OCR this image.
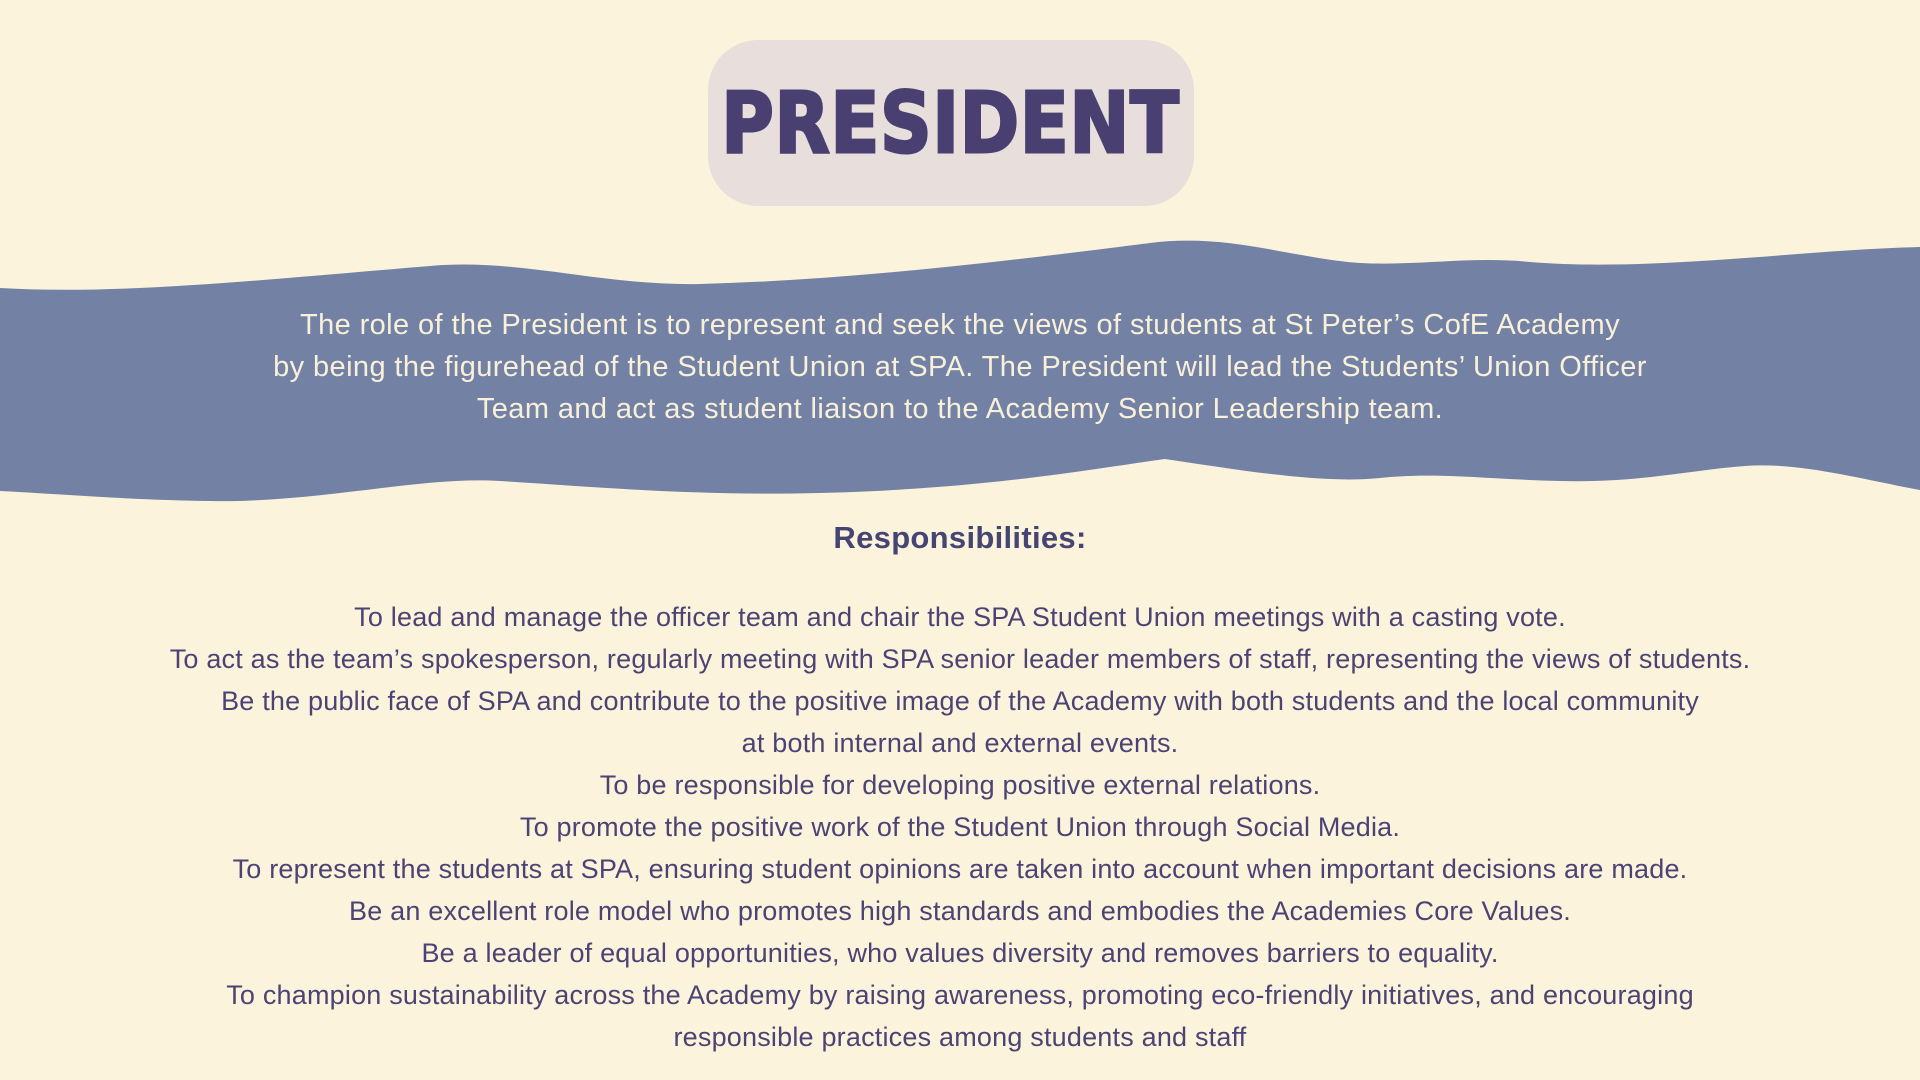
PRESIDENT
The role of the President is to represent and seek the views of students at St Peter’s CofE Academy
by being the figurehead of the Student Union at SPA. The President will lead the Students’ Union Officer
Team and act as student liaison to the Academy Senior Leadership team.
Responsibilities:
To lead and manage the officer team and chair the SPA Student Union meetings with a casting vote.
To act as the team’s spokesperson, regularly meeting with SPA senior leader members of staff, representing the views of students.
Be the public face of SPA and contribute to the positive image of the Academy with both students and the local community
at both internal and external events.
To be responsible for developing positive external relations.
To promote the positive work of the Student Union through Social Media.
To represent the students at SPA, ensuring student opinions are taken into account when important decisions are made.
Be an excellent role model who promotes high standards and embodies the Academies Core Values.
Be a leader of equal opportunities, who values diversity and removes barriers to equality.
To champion sustainability across the Academy by raising awareness, promoting eco-friendly initiatives, and encouraging
responsible practices among students and staff
